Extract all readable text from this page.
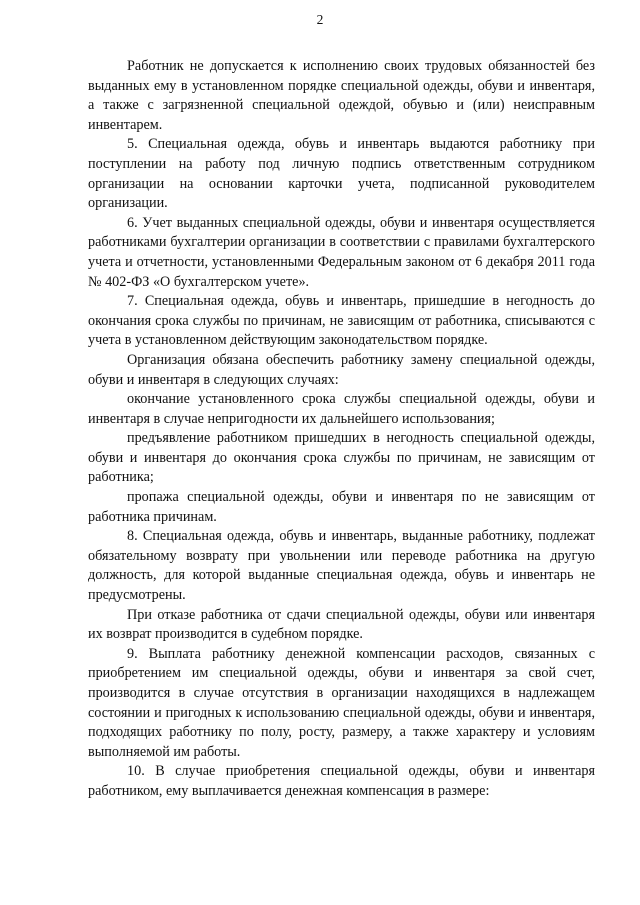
2

Работник не допускается к исполнению своих трудовых обязанностей без выданных ему в установленном порядке специальной одежды, обуви и инвентаря, а также с загрязненной специальной одеждой, обувью и (или) неисправным инвентарем.

5. Специальная одежда, обувь и инвентарь выдаются работнику при поступлении на работу под личную подпись ответственным сотрудником организации на основании карточки учета, подписанной руководителем организации.

6. Учет выданных специальной одежды, обуви и инвентаря осуществляется работниками бухгалтерии организации в соответствии с правилами бухгалтерского учета и отчетности, установленными Федеральным законом от 6 декабря 2011 года № 402-ФЗ «О бухгалтерском учете».

7. Специальная одежда, обувь и инвентарь, пришедшие в негодность до окончания срока службы по причинам, не зависящим от работника, списываются с учета в установленном действующим законодательством порядке.

Организация обязана обеспечить работнику замену специальной одежды, обуви и инвентаря в следующих случаях:

окончание установленного срока службы специальной одежды, обуви и инвентаря в случае непригодности их дальнейшего использования;

предъявление работником пришедших в негодность специальной одежды, обуви и инвентаря до окончания срока службы по причинам, не зависящим от работника;

пропажа специальной одежды, обуви и инвентаря по не зависящим от работника причинам.

8. Специальная одежда, обувь и инвентарь, выданные работнику, подлежат обязательному возврату при увольнении или переводе работника на другую должность, для которой выданные специальная одежда, обувь и инвентарь не предусмотрены.

При отказе работника от сдачи специальной одежды, обуви или инвентаря их возврат производится в судебном порядке.

9. Выплата работнику денежной компенсации расходов, связанных с приобретением им специальной одежды, обуви и инвентаря за свой счет, производится в случае отсутствия в организации находящихся в надлежащем состоянии и пригодных к использованию специальной одежды, обуви и инвентаря, подходящих работнику по полу, росту, размеру, а также характеру и условиям выполняемой им работы.

10. В случае приобретения специальной одежды, обуви и инвентаря работником, ему выплачивается денежная компенсация в размере:
